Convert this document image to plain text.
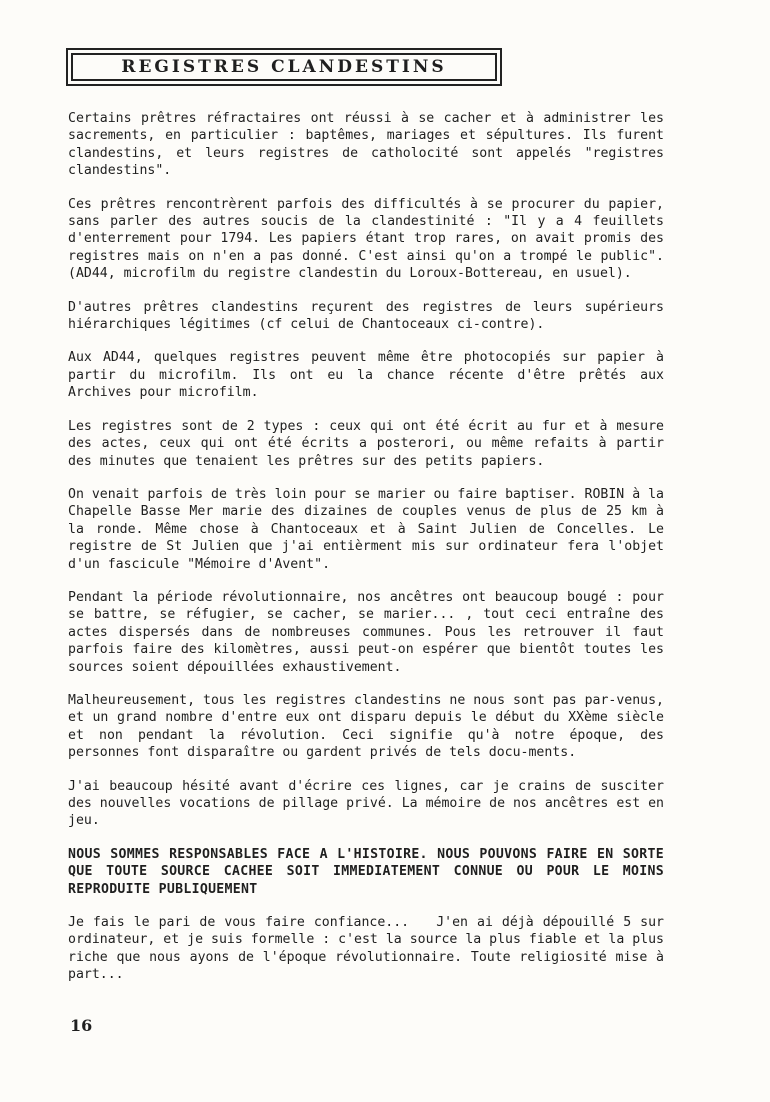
REGISTRES CLANDESTINS

Certains prêtres réfractaires ont réussi à se cacher et à administrer les sacrements, en particulier : baptêmes, mariages et sépultures. Ils furent clandestins, et leurs registres de catholocité sont appelés "registres clandestins".

Ces prêtres rencontrèrent parfois des difficultés à se procurer du papier, sans parler des autres soucis de la clandestinité : "Il y a 4 feuillets d'enterrement pour 1794. Les papiers étant trop rares, on avait promis des registres mais on n'en a pas donné. C'est ainsi qu'on a trompé le public".(AD44, microfilm du registre clandestin du Loroux-Bottereau, en usuel).

D'autres prêtres clandestins reçurent des registres de leurs supérieurs hiérarchiques légitimes (cf celui de Chantoceaux ci-contre).

Aux AD44, quelques registres peuvent même être photocopiés sur papier à partir du microfilm. Ils ont eu la chance récente d'être prêtés aux Archives pour microfilm.

Les registres sont de 2 types : ceux qui ont été écrit au fur et à mesure des actes, ceux qui ont été écrits a posterori, ou même refaits à partir des minutes que tenaient les prêtres sur des petits papiers.

On venait parfois de très loin pour se marier ou faire baptiser. ROBIN à la Chapelle Basse Mer marie des dizaines de couples venus de plus de 25 km à la ronde. Même chose à Chantoceaux et à Saint Julien de Concelles. Le registre de St Julien que j'ai entièrment mis sur ordinateur fera l'objet d'un fascicule "Mémoire d'Avent".

Pendant la période révolutionnaire, nos ancêtres ont beaucoup bougé : pour se battre, se réfugier, se cacher, se marier... , tout ceci entraîne des actes dispersés dans de nombreuses communes. Pous les retrouver il faut parfois faire des kilomètres, aussi peut-on espérer que bientôt toutes les sources soient dépouillées exhaustivement.

Malheureusement, tous les registres clandestins ne nous sont pas par-venus, et un grand nombre d'entre eux ont disparu depuis le début du XXème siècle et non pendant la révolution. Ceci signifie qu'à notre époque, des personnes font disparaître ou gardent privés de tels docu-ments.

J'ai beaucoup hésité avant d'écrire ces lignes, car je crains de susciter des nouvelles vocations de pillage privé. La mémoire de nos ancêtres est en jeu.

NOUS SOMMES RESPONSABLES FACE A L'HISTOIRE. NOUS POUVONS FAIRE EN SORTE QUE TOUTE SOURCE CACHEE SOIT IMMEDIATEMENT CONNUE OU POUR LE MOINS REPRODUITE PUBLIQUEMENT

Je fais le pari de vous faire confiance...   J'en ai déjà dépouillé 5 sur ordinateur, et je suis formelle : c'est la source la plus fiable et la plus riche que nous ayons de l'époque révolutionnaire. Toute religiosité mise à part...

16
